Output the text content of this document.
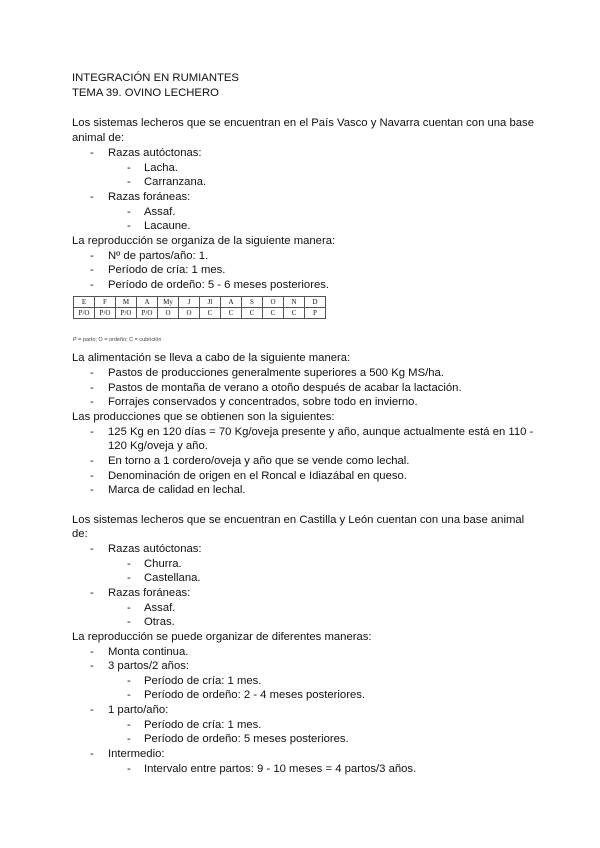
INTEGRACIÓN EN RUMIANTES
TEMA 39. OVINO LECHERO
Los sistemas lecheros que se encuentran en el País Vasco y Navarra cuentan con una base
animal de:
- Razas autóctonas:
- Lacha.
- Carranzana.
- Razas foráneas:
- Assaf.
- Lacaune.
La reproducción se organiza de la siguiente manera:
- Nº de partos/año: 1.
- Período de cría: 1 mes.
- Período de ordeño: 5 - 6 meses posteriores.
E	F	M	A	My	J	Jl	A	S	O	N	D
P/O	P/O	P/O	P/O	O	O	C	C	C	C	C	P
P = parto; O = ordeño; C = cubrición
La alimentación se lleva a cabo de la siguiente manera:
- Pastos de producciones generalmente superiores a 500 Kg MS/ha.
- Pastos de montaña de verano a otoño después de acabar la lactación.
- Forrajes conservados y concentrados, sobre todo en invierno.
Las producciones que se obtienen son la siguientes:
- 125 Kg en 120 días = 70 Kg/oveja presente y año, aunque actualmente está en 110 -
120 Kg/oveja y año.
- En torno a 1 cordero/oveja y año que se vende como lechal.
- Denominación de origen en el Roncal e Idiazábal en queso.
- Marca de calidad en lechal.
Los sistemas lecheros que se encuentran en Castilla y León cuentan con una base animal
de:
- Razas autóctonas:
- Churra.
- Castellana.
- Razas foráneas:
- Assaf.
- Otras.
La reproducción se puede organizar de diferentes maneras:
- Monta continua.
- 3 partos/2 años:
- Período de cría: 1 mes.
- Período de ordeño: 2 - 4 meses posteriores.
- 1 parto/año:
- Período de cría: 1 mes.
- Período de ordeño: 5 meses posteriores.
- Intermedio:
- Intervalo entre partos: 9 - 10 meses = 4 partos/3 años.
